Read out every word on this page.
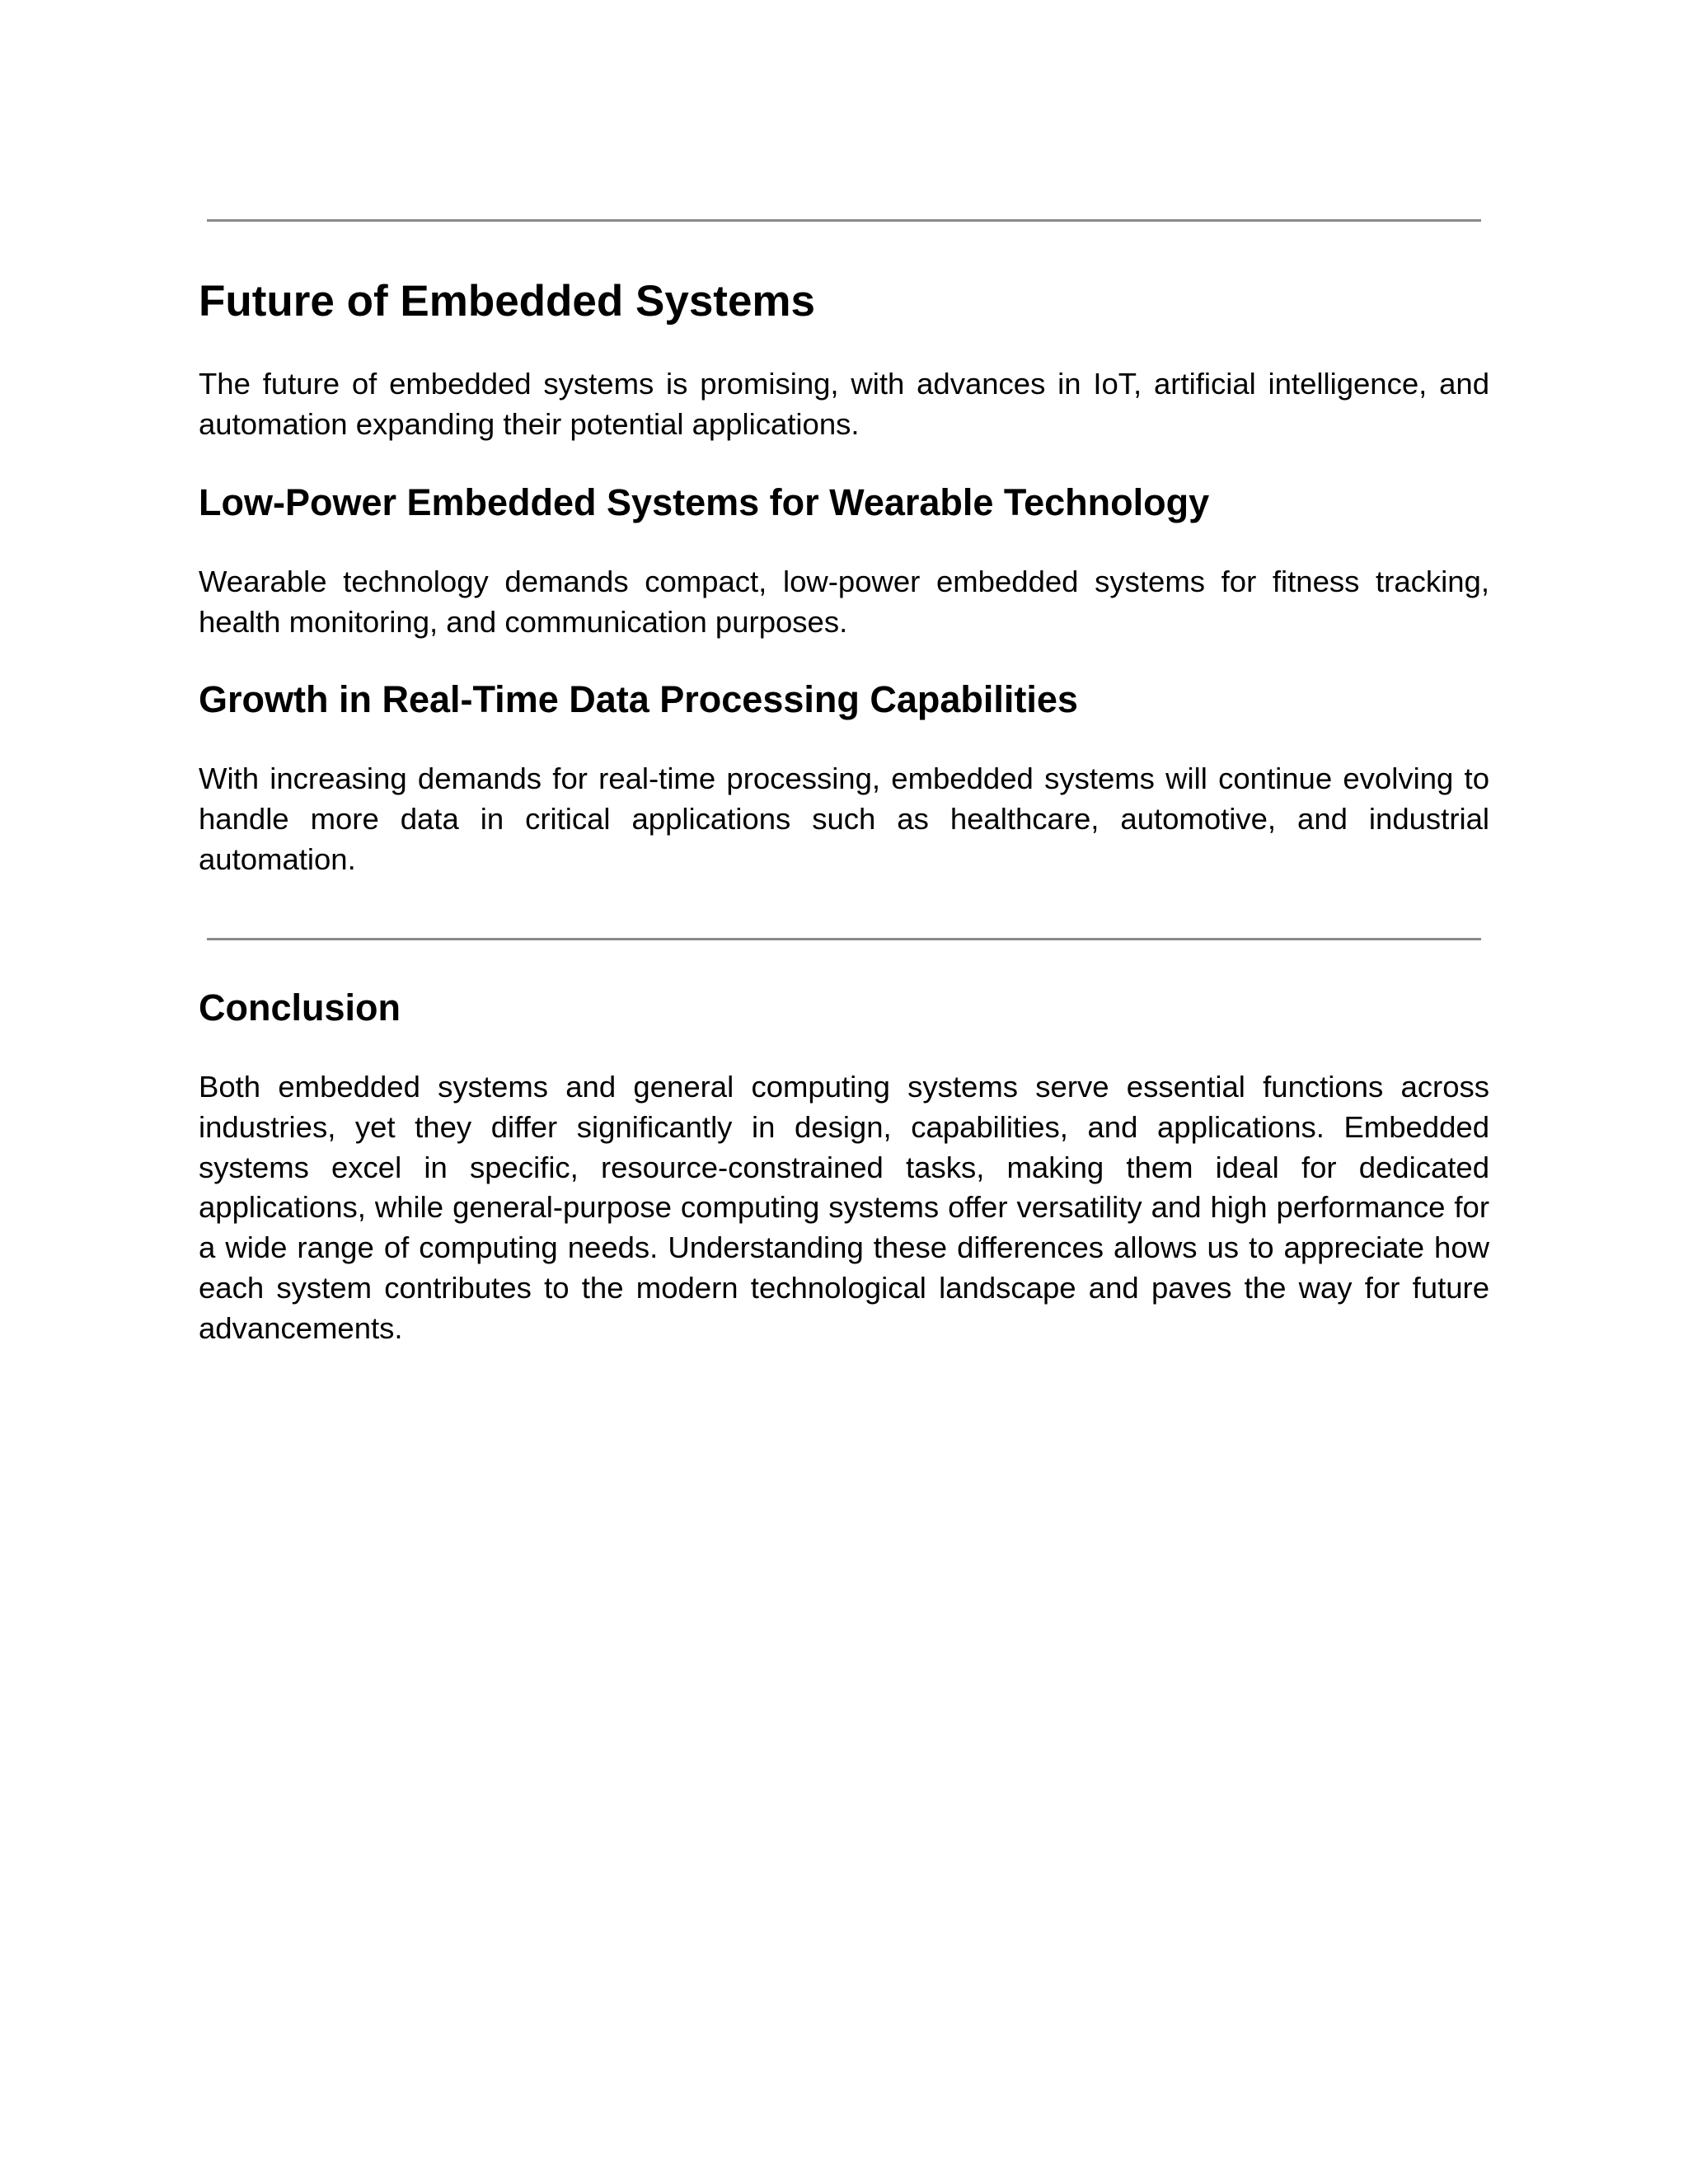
Future of Embedded Systems

The future of embedded systems is promising, with advances in IoT, artificial intelligence, and automation expanding their potential applications.

Low-Power Embedded Systems for Wearable Technology

Wearable technology demands compact, low-power embedded systems for fitness tracking, health monitoring, and communication purposes.

Growth in Real-Time Data Processing Capabilities

With increasing demands for real-time processing, embedded systems will continue evolving to handle more data in critical applications such as healthcare, automotive, and industrial automation.

Conclusion

Both embedded systems and general computing systems serve essential functions across industries, yet they differ significantly in design, capabilities, and applications. Embedded systems excel in specific, resource-constrained tasks, making them ideal for dedicated applications, while general-purpose computing systems offer versatility and high performance for a wide range of computing needs. Understanding these differences allows us to appreciate how each system contributes to the modern technological landscape and paves the way for future advancements.
